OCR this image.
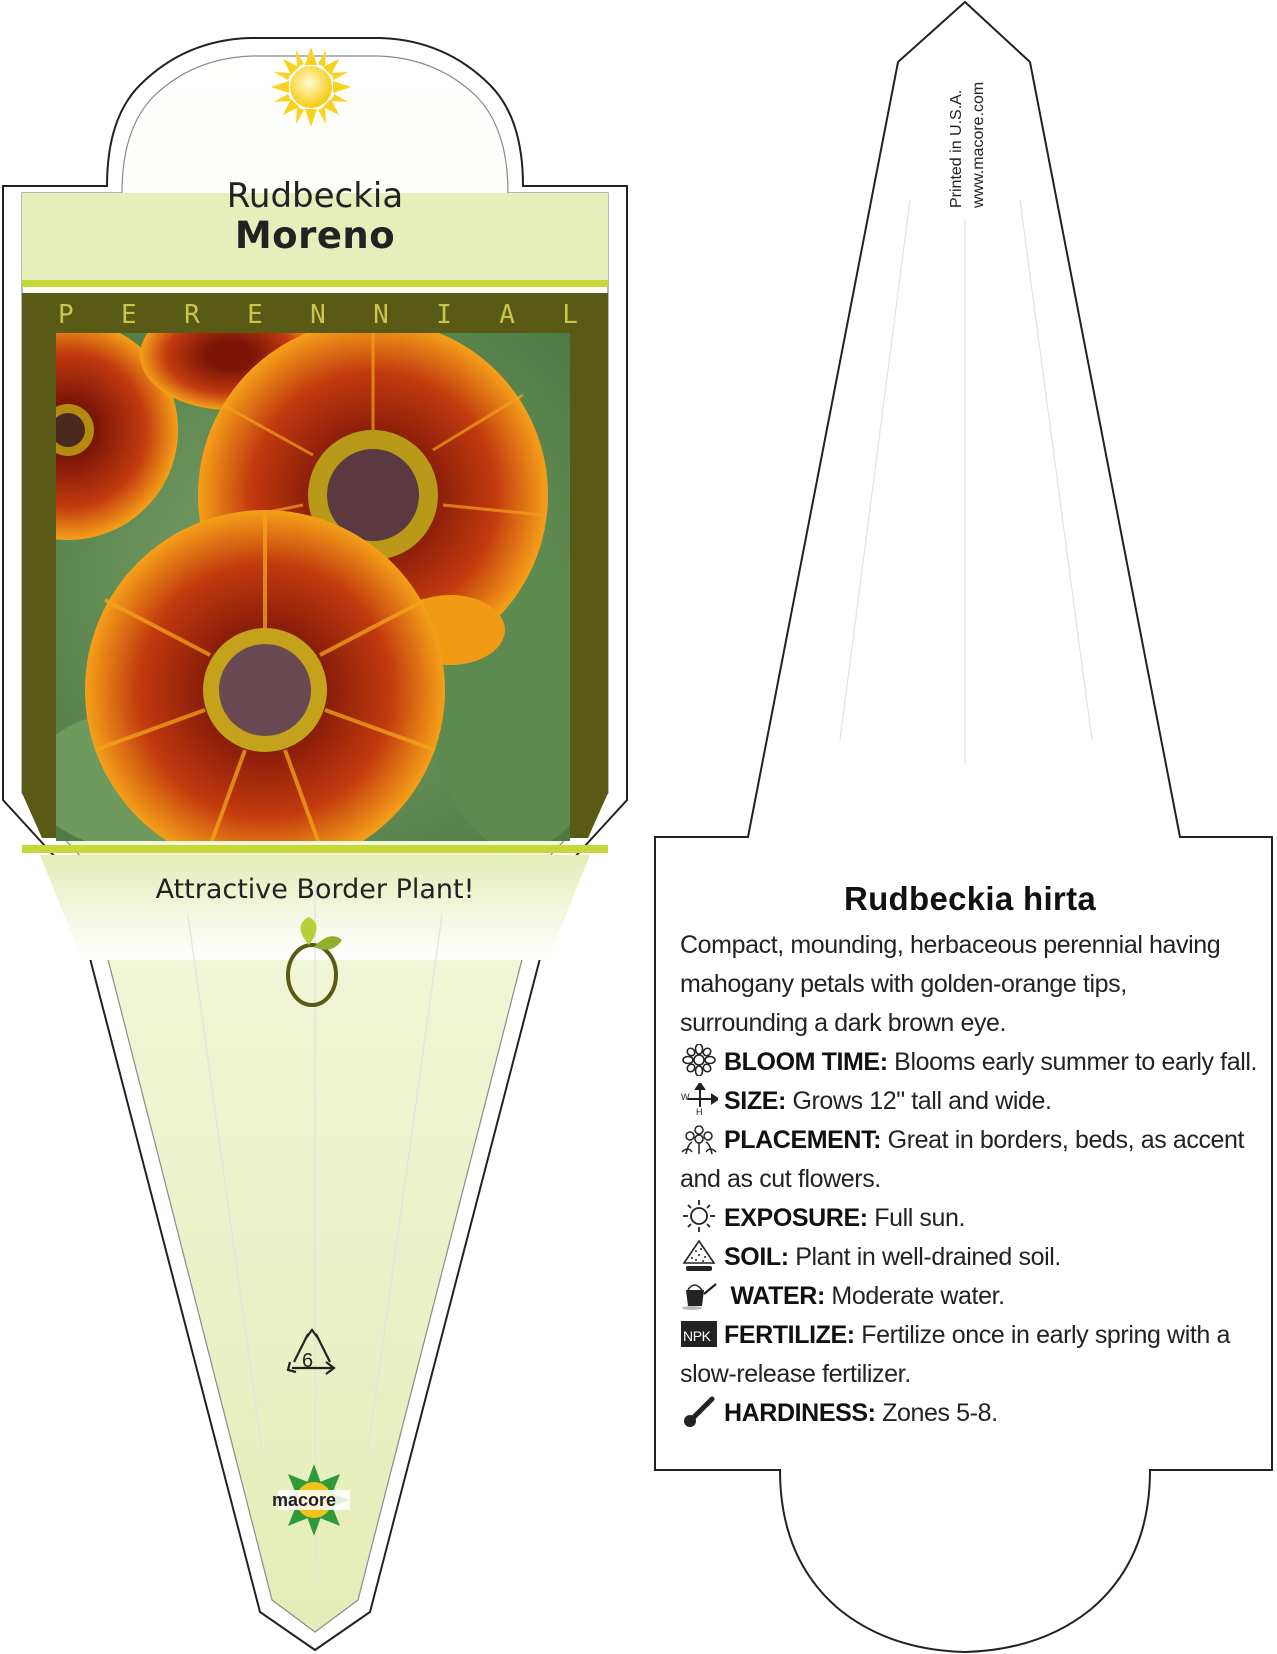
Rudbeckia
Moreno
P E R E N N I A L
Attractive Border Plant!
6
macore
Printed in U.S.A. www.macore.com
Rudbeckia hirta
Compact, mounding, herbaceous perennial having mahogany petals with golden-orange tips, surrounding a dark brown eye.
BLOOM TIME: Blooms early summer to early fall.
W
H SIZE: Grows 12" tall and wide.
PLACEMENT: Great in borders, beds, as accent and as cut flowers.
EXPOSURE: Full sun.
SOIL: Plant in well-drained soil.
WATER: Moderate water.
NPK FERTILIZE: Fertilize once in early spring with a slow-release fertilizer.
HARDINESS: Zones 5-8.
